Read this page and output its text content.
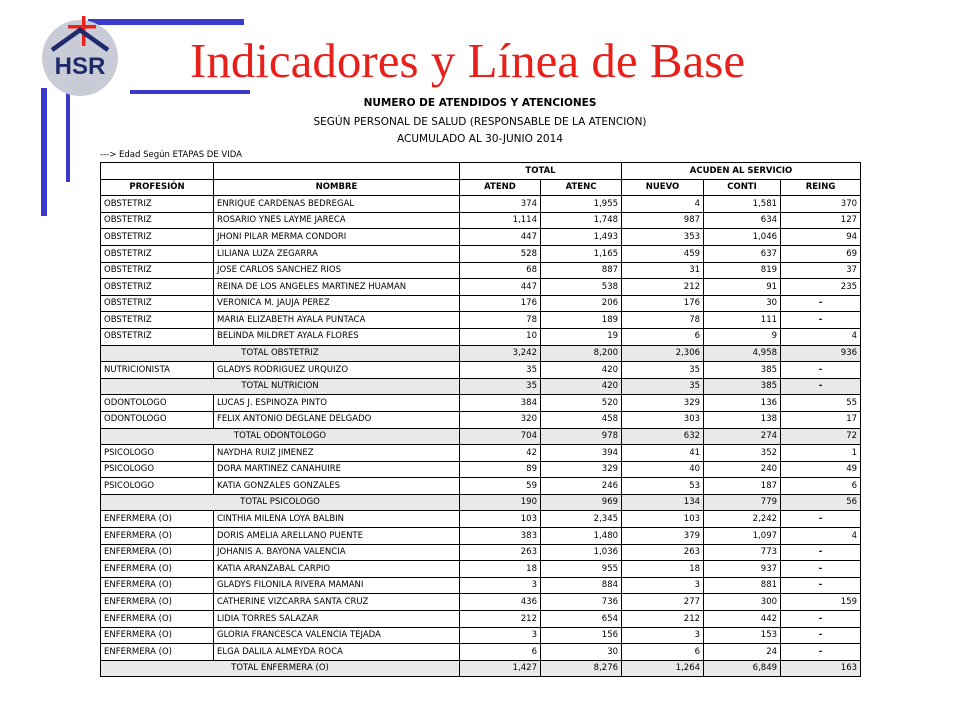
HSR Indicadores y Línea de Base
NUMERO DE ATENDIDOS Y ATENCIONES
SEGÚN PERSONAL DE SALUD (RESPONSABLE DE LA ATENCION)
ACUMULADO AL 30-JUNIO 2014
---> Edad Según ETAPAS DE VIDA
		TOTAL		ACUDEN AL SERVICIO		
PROFESIÓN	NOMBRE	ATEND	ATENC	NUEVO	CONTI	REING
OBSTETRIZ	ENRIQUE CARDENAS BEDREGAL	374	1,955	4	1,581	370
OBSTETRIZ	ROSARIO YNES LAYME JARECA	1,114	1,748	987	634	127
OBSTETRIZ	JHONI PILAR MERMA CONDORI	447	1,493	353	1,046	94
OBSTETRIZ	LILIANA LUZA ZEGARRA	528	1,165	459	637	69
OBSTETRIZ	JOSE CARLOS SANCHEZ RIOS	68	887	31	819	37
OBSTETRIZ	REINA DE LOS ANGELES MARTINEZ HUAMAN	447	538	212	91	235
OBSTETRIZ	VERONICA M. JAUJA PEREZ	176	206	176	30	-
OBSTETRIZ	MARIA ELIZABETH AYALA PUNTACA	78	189	78	111	-
OBSTETRIZ	BELINDA MILDRET AYALA FLORES	10	19	6	9	4
TOTAL OBSTETRIZ		3,242	8,200	2,306	4,958	936
NUTRICIONISTA	GLADYS RODRIGUEZ URQUIZO	35	420	35	385	-
TOTAL NUTRICION		35	420	35	385	-
ODONTOLOGO	LUCAS J. ESPINOZA PINTO	384	520	329	136	55
ODONTOLOGO	FELIX ANTONIO DEGLANE DELGADO	320	458	303	138	17
TOTAL ODONTOLOGO		704	978	632	274	72
PSICOLOGO	NAYDHA RUIZ JIMENEZ	42	394	41	352	1
PSICOLOGO	DORA MARTINEZ CANAHUIRE	89	329	40	240	49
PSICOLOGO	KATIA GONZALES GONZALES	59	246	53	187	6
TOTAL PSICOLOGO		190	969	134	779	56
ENFERMERA (O)	CINTHIA MILENA LOYA BALBIN	103	2,345	103	2,242	-
ENFERMERA (O)	DORIS AMELIA ARELLANO PUENTE	383	1,480	379	1,097	4
ENFERMERA (O)	JOHANIS A. BAYONA VALENCIA	263	1,036	263	773	-
ENFERMERA (O)	KATIA ARANZABAL CARPIO	18	955	18	937	-
ENFERMERA (O)	GLADYS FILONILA RIVERA MAMANI	3	884	3	881	-
ENFERMERA (O)	CATHERINE VIZCARRA SANTA CRUZ	436	736	277	300	159
ENFERMERA (O)	LIDIA TORRES SALAZAR	212	654	212	442	-
ENFERMERA (O)	GLORIA FRANCESCA VALENCIA TEJADA	3	156	3	153	-
ENFERMERA (O)	ELGA DALILA ALMEYDA ROCA	6	30	6	24	-
TOTAL ENFERMERA (O)		1,427	8,276	1,264	6,849	163
